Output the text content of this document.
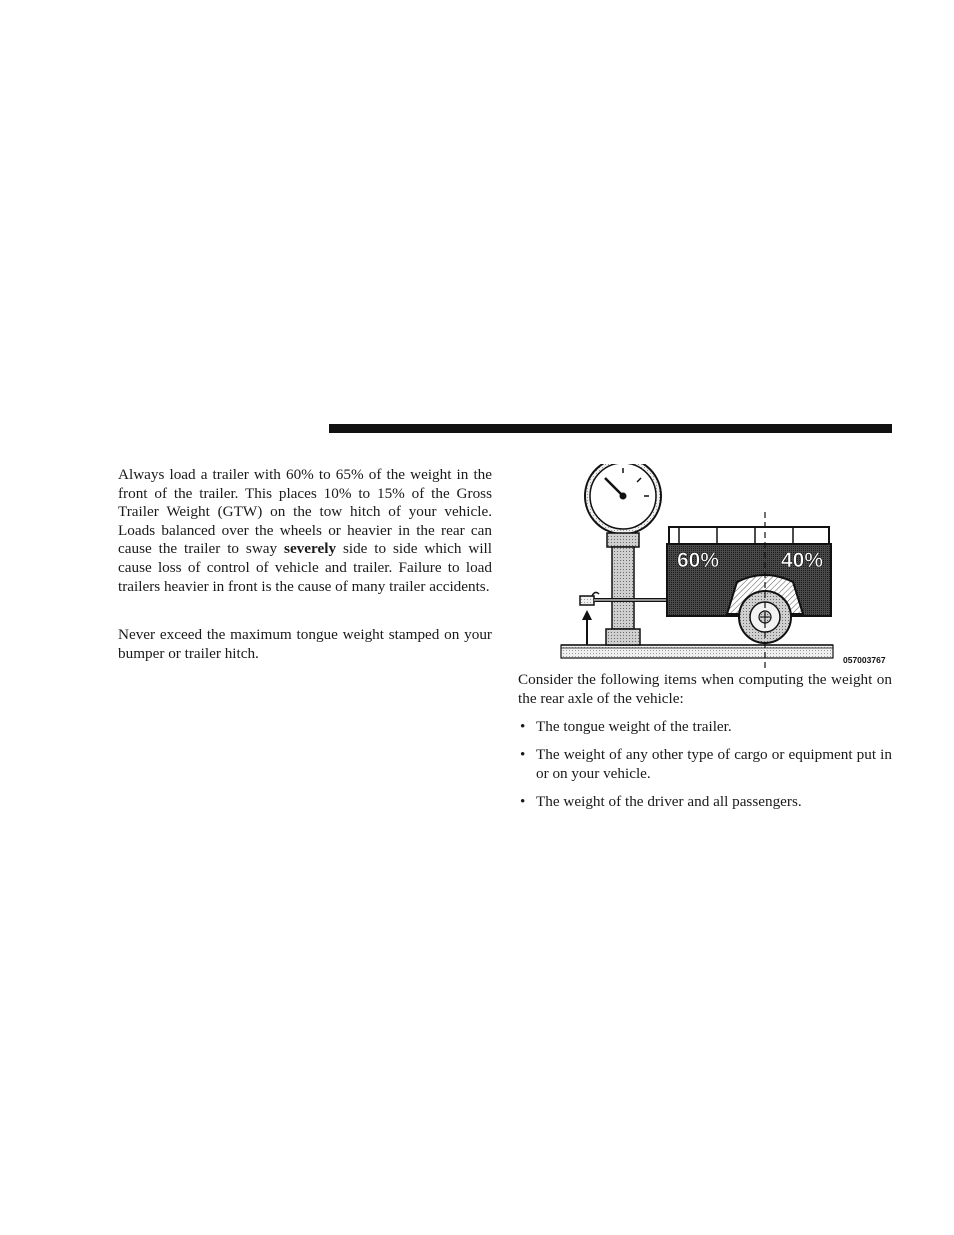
Always load a trailer with 60% to 65% of the weight in the front of the trailer. This places 10% to 15% of the Gross Trailer Weight (GTW) on the tow hitch of your vehicle. Loads balanced over the wheels or heavier in the rear can cause the trailer to sway severely side to side which will cause loss of control of vehicle and trailer. Failure to load trailers heavier in front is the cause of many trailer accidents.

Never exceed the maximum tongue weight stamped on your bumper or trailer hitch.

60%	40%
057003767

Consider the following items when computing the weight on the rear axle of the vehicle:

• The tongue weight of the trailer.
• The weight of any other type of cargo or equipment put in or on your vehicle.
• The weight of the driver and all passengers.
